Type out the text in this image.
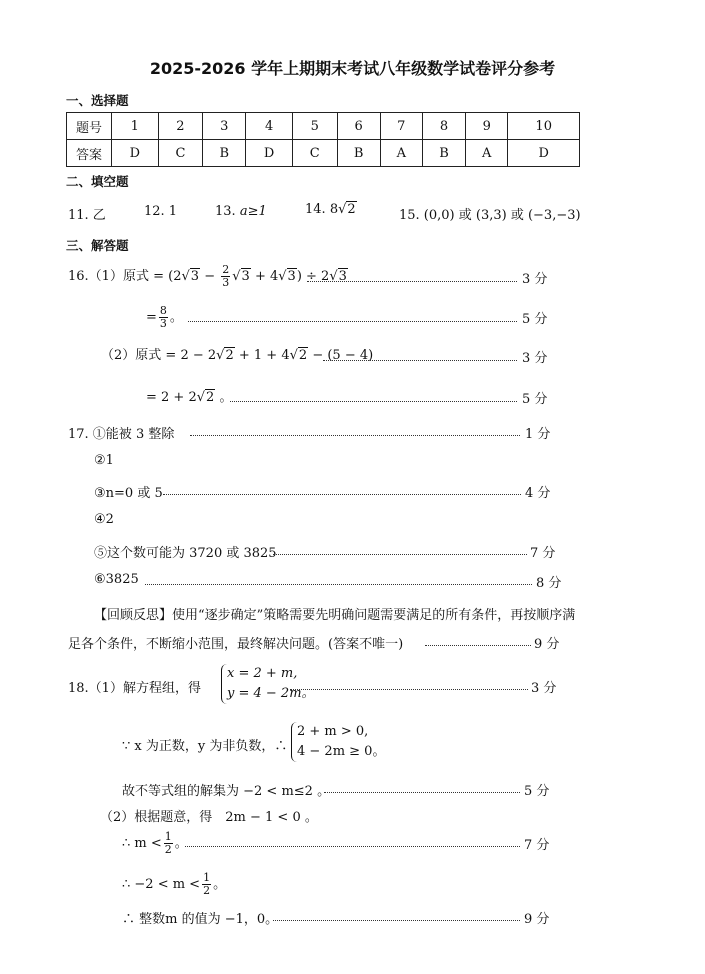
2025-2026 学年上期期末考试八年级数学试卷评分参考
一、选择题
题号	1	2	3	4	5	6	7	8	9	10
答案	D	C	B	D	C	B	A	B	A	D
二、填空题
11. 乙	12. 1	13. a≥1	14. 8√2	15. (0,0) 或 (3,3) 或 (−3,−3)
三、解答题
16.（1）原式 = $(2√3 - \frac{2}{3} √3 + 4√3) \div 2√3$	3 分
= $\frac{8}{3}$ 。	5 分
（2）原式 = 2 − 2√2 + 1 + 4√2 − (5 − 4)	3 分
= 2 + 2√2 。	5 分
17. ①能被 3 整除	1 分
②1
③n=0 或 5	4 分
④2
⑤这个数可能为 3720 或 3825	7 分
⑥3825	8 分
【回顾反思】使用“逐步确定”策略需要先明确问题需要满足的所有条件，再按顺序满
足各个条件，不断缩小范围，最终解决问题。(答案不唯一)	9 分
18.（1）解方程组，得
x = 2 + m,
y = 4 − 2m。	3 分
∵ x 为正数，y 为非负数，∴
2 + m > 0,
4 − 2m ≥ 0。
故不等式组的解集为 −2 < m≤2 。	5 分
（2）根据题意，得　2m − 1 < 0 。
∴ $m < \frac{1}{2}$ 。	7 分
∴ $-2 < m < \frac{1}{2}$ 。
∴ 整数m 的值为 −1，0。	9 分
